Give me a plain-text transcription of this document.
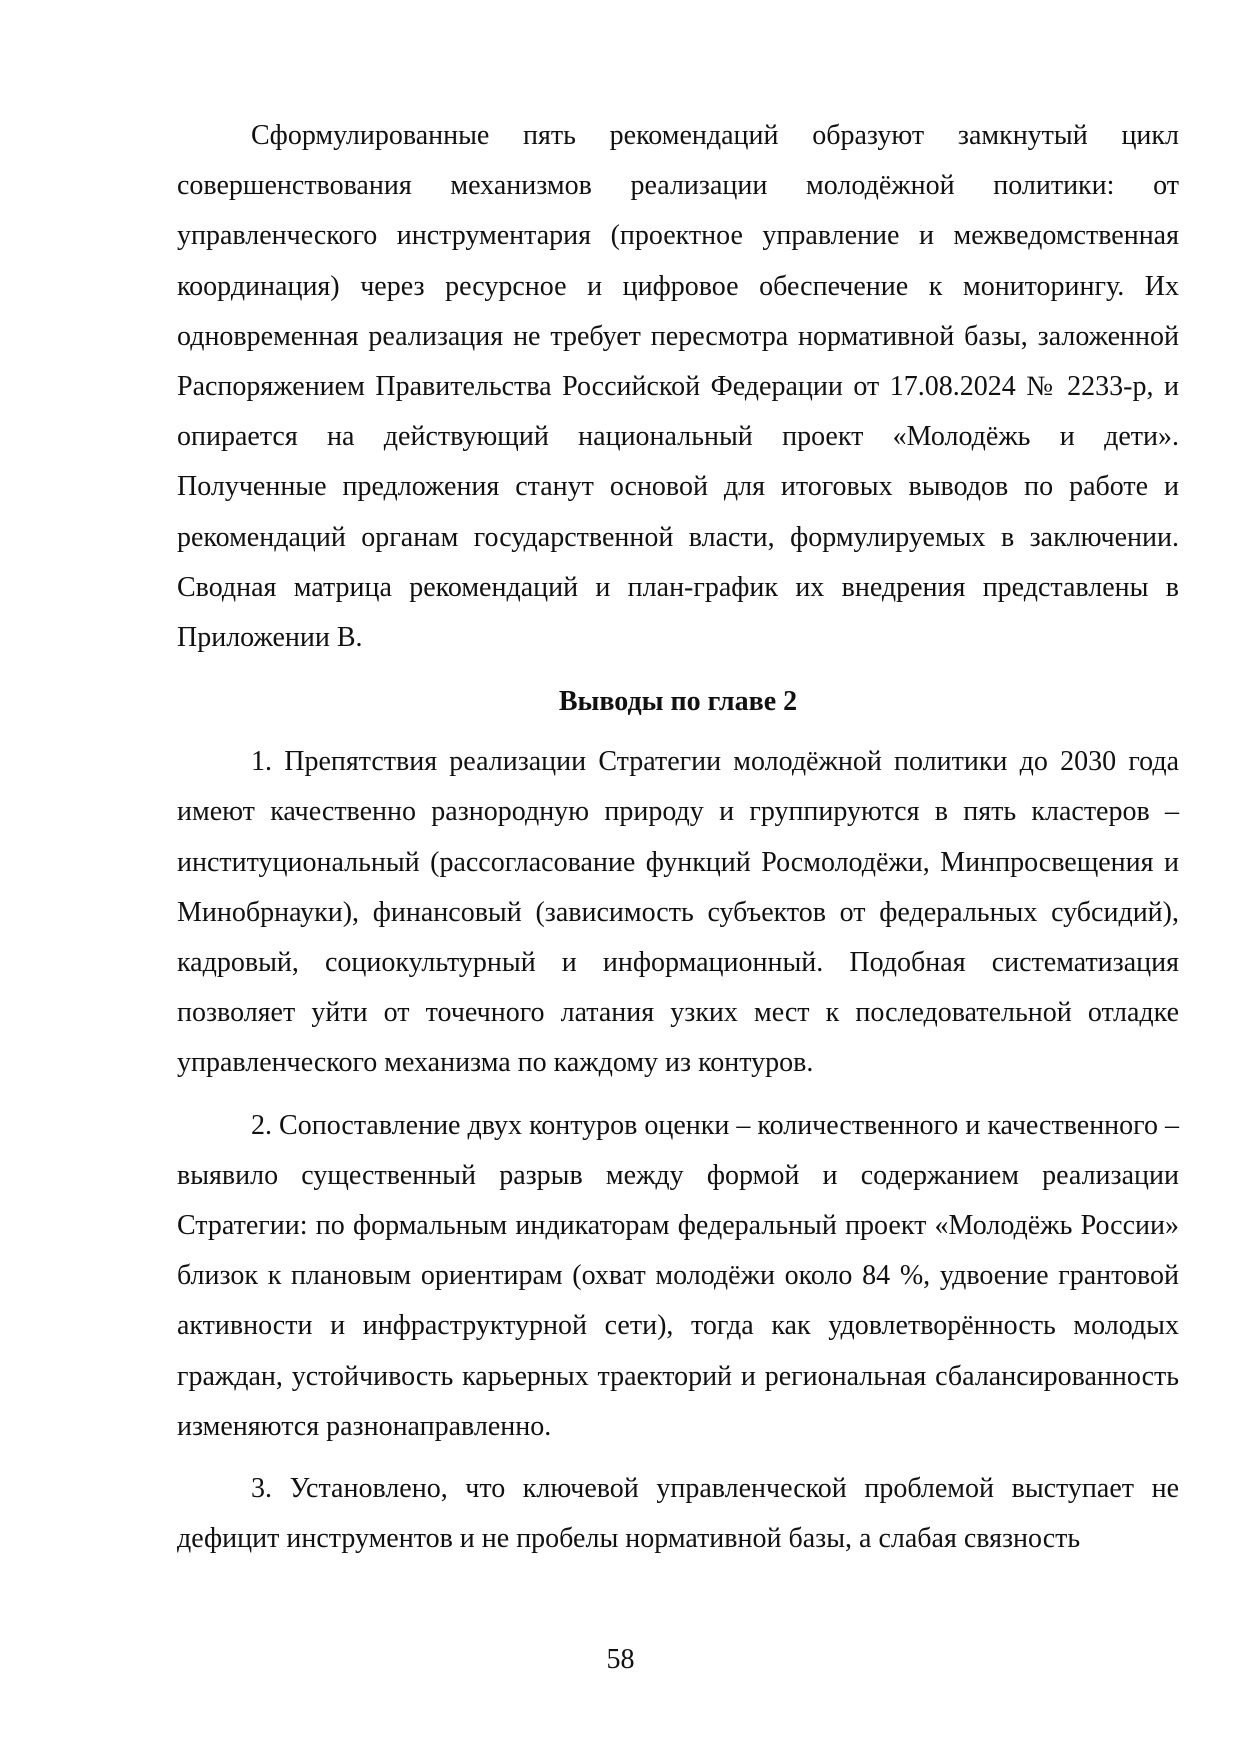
Сформулированные пять рекомендаций образуют замкнутый цикл совершенствования механизмов реализации молодёжной политики: от управленческого инструментария (проектное управление и межведомственная координация) через ресурсное и цифровое обеспечение к мониторингу. Их одновременная реализация не требует пересмотра нормативной базы, заложенной Распоряжением Правительства Российской Федерации от 17.08.2024 № 2233-р, и опирается на действующий национальный проект «Молодёжь и дети». Полученные предложения станут основой для итоговых выводов по работе и рекомендаций органам государственной власти, формулируемых в заключении. Сводная матрица рекомендаций и план-график их внедрения представлены в Приложении В.

Выводы по главе 2

1. Препятствия реализации Стратегии молодёжной политики до 2030 года имеют качественно разнородную природу и группируются в пять кластеров – институциональный (рассогласование функций Росмолодёжи, Минпросвещения и Минобрнауки), финансовый (зависимость субъектов от федеральных субсидий), кадровый, социокультурный и информационный. Подобная систематизация позволяет уйти от точечного латания узких мест к последовательной отладке управленческого механизма по каждому из контуров.

2. Сопоставление двух контуров оценки – количественного и качественного – выявило существенный разрыв между формой и содержанием реализации Стратегии: по формальным индикаторам федеральный проект «Молодёжь России» близок к плановым ориентирам (охват молодёжи около 84 %, удвоение грантовой активности и инфраструктурной сети), тогда как удовлетворённость молодых граждан, устойчивость карьерных траекторий и региональная сбалансированность изменяются разнонаправленно.

3. Установлено, что ключевой управленческой проблемой выступает не дефицит инструментов и не пробелы нормативной базы, а слабая связность

58
